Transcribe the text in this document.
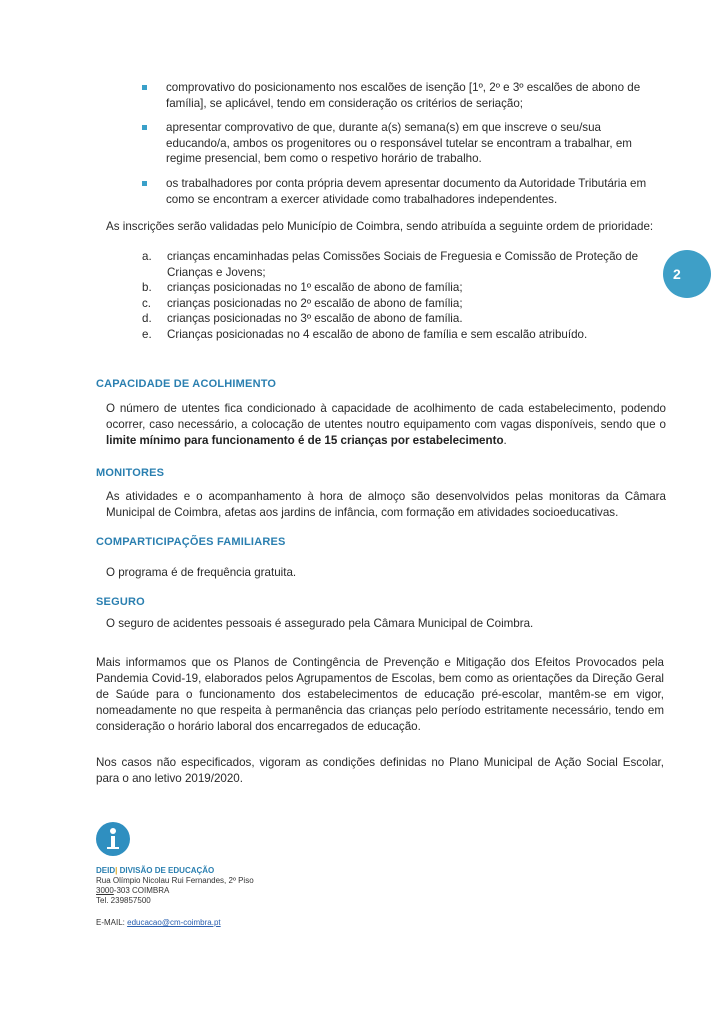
comprovativo do posicionamento nos escalões de isenção [1º, 2º e 3º escalões de abono de família], se aplicável, tendo em consideração os critérios de seriação;
apresentar comprovativo de que, durante a(s) semana(s) em que inscreve o seu/sua educando/a, ambos os progenitores ou o responsável tutelar se encontram a trabalhar, em regime presencial, bem como o respetivo horário de trabalho.
os trabalhadores por conta própria devem apresentar documento da Autoridade Tributária em como se encontram a exercer atividade como trabalhadores independentes.

As inscrições serão validadas pelo Município de Coimbra, sendo atribuída a seguinte ordem de prioridade:

a. crianças encaminhadas pelas Comissões Sociais de Freguesia e Comissão de Proteção de Crianças e Jovens;
b. crianças posicionadas no 1º escalão de abono de família;
c. crianças posicionadas no 2º escalão de abono de família;
d. crianças posicionadas no 3º escalão de abono de família.
e. Crianças posicionadas no 4 escalão de abono de família e sem escalão atribuído.
2
CAPACIDADE DE ACOLHIMENTO

O número de utentes fica condicionado à capacidade de acolhimento de cada estabelecimento, podendo ocorrer, caso necessário, a colocação de utentes noutro equipamento com vagas disponíveis, sendo que o limite mínimo para funcionamento é de 15 crianças por estabelecimento.

MONITORES

As atividades e o acompanhamento à hora de almoço são desenvolvidos pelas monitoras da Câmara Municipal de Coimbra, afetas aos jardins de infância, com formação em atividades socioeducativas.

COMPARTICIPAÇÕES FAMILIARES

O programa é de frequência gratuita.

SEGURO

O seguro de acidentes pessoais é assegurado pela Câmara Municipal de Coimbra.

Mais informamos que os Planos de Contingência de Prevenção e Mitigação dos Efeitos Provocados pela Pandemia Covid-19, elaborados pelos Agrupamentos de Escolas, bem como as orientações da Direção Geral de Saúde para o funcionamento dos estabelecimentos de educação pré-escolar, mantêm-se em vigor, nomeadamente no que respeita à permanência das crianças pelo período estritamente necessário, tendo em consideração o horário laboral dos encarregados de educação.

Nos casos não especificados, vigoram as condições definidas no Plano Municipal de Ação Social Escolar, para o ano letivo 2019/2020.

DEID| DIVISÃO DE EDUCAÇÃO
Rua Olímpio Nicolau Rui Fernandes, 2º Piso
3000-303 COIMBRA
Tel. 239857500
E-MAIL: educacao@cm-coimbra.pt
